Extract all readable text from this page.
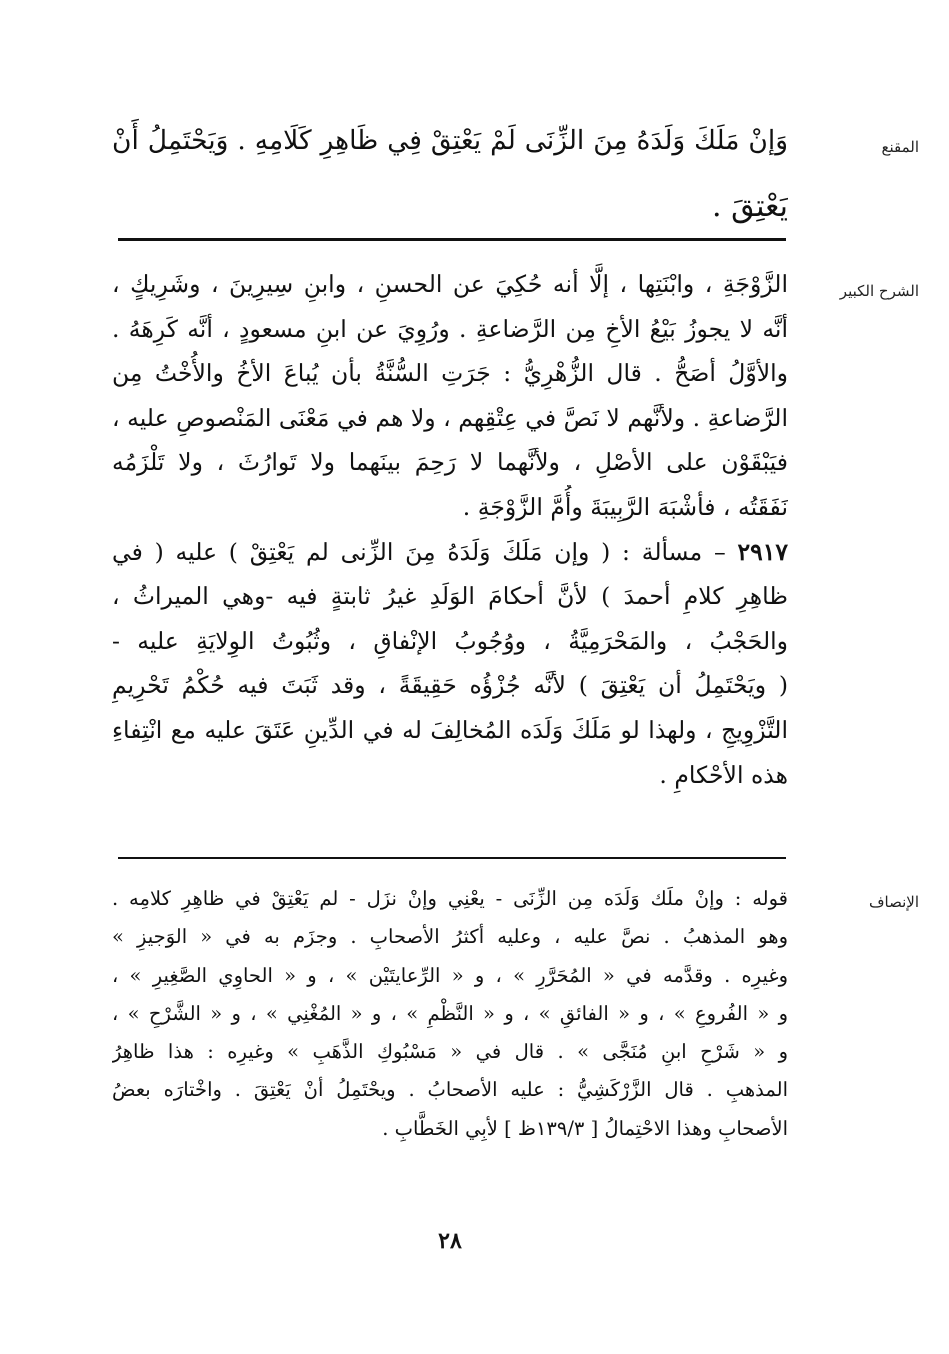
المقنع
وَإنْ مَلَكَ وَلَدَهُ مِنَ الزِّنَى لَمْ يَعْتِقْ فِي ظَاهِرِ كَلَامِهِ . وَيَحْتَمِلُ أَنْ
يَعْتِقَ .
الشرح الكبير
الزَّوْجَةِ ، وابْنَتِها ، إلَّا أنه حُكِيَ عن الحسنِ ، وابنِ سِيرِينَ ، وشَرِيكٍ ،
أنَّه لا يجوزُ بَيْعُ الأخِ مِن الرَّضاعةِ . ورُوِيَ عن ابنِ مسعودٍ ، أنَّه كَرِهَهُ .
والأوَّلُ أصَحُّ . قال الزُّهْرِيُّ : جَرَتِ السُّنَّةُ بأن يُباعَ الأخُ والأُخْتُ مِن
الرَّضاعةِ . ولأنَّهم لا نَصَّ في عِتْقِهم ، ولا هم في مَعْنَى المَنْصوصِ عليه ،
فيَبْقَوْن على الأصْلِ ، ولأنَّهما لا رَحِمَ بينَهما ولا تَوارُثَ ، ولا تَلْزَمُه
نَفَقَتُه ، فأشْبَهَ الرَّبِيبَةَ وأُمَّ الزَّوْجَةِ .
٢٩١٧ – مسألة : ( وإن مَلَكَ وَلَدَهُ مِنَ الزِّنى لم يَعْتِقْ ) عليه ( في
ظاهِرِ كلامِ أحمدَ ) لأنَّ أحكامَ الوَلَدِ غيرُ ثابتةٍ فيه -وهي الميراثُ ،
والحَجْبُ ، والمَحْرَمِيَّةُ ، ووُجُوبُ الإنْفاقِ ، وثُبُوتُ الوِلايَةِ عليه -
( ويَحْتَمِلُ أن يَعْتِقَ ) لأنَّه جُزْؤُه حَقِيقَةً ، وقد ثَبَتَ فيه حُكْمُ تَحْرِيمِ
التَّزْوِيجِ ، ولهذا لو مَلَكَ وَلَدَه المُخالِفَ له في الدِّينِ عَتَقَ عليه مع انْتِفاءِ
هذه الأحْكامِ .
الإنصاف
قوله : وإنْ ملَك وَلَدَه مِن الزِّنَى - يعْنِي وإنْ نزَل - لم يَعْتِقْ في ظاهِرِ كلامِه .
وهو المذهبُ . نصَّ عليه ، وعليه أكثرُ الأصحابِ . وجزَم به في « الوَجيزِ »
وغيرِه . وقدَّمه في « المُحَرَّرِ » ، و « الرِّعايتَيْن » ، و « الحاوِي الصَّغِيرِ » ،
و « الفُروعِ » ، و « الفائقِ » ، و « النَّظْمِ » ، و « المُغْنِي » ، و « الشَّرْحِ » ،
و « شَرْحِ ابنِ مُنَجَّى » . قال في « مَسْبُوكِ الذَّهَبِ » وغيرِه : هذا ظاهِرُ
المذهبِ . قال الزَّرْكَشِيُّ : عليه الأصحابُ . ويحْتَمِلُ أنْ يَعْتِقَ . واخْتارَه بعضُ
الأصحابِ وهذا الاحْتِمالُ [ ١٣٩/٣ظ ] لأبِي الخَطَّابِ .
٢٨
